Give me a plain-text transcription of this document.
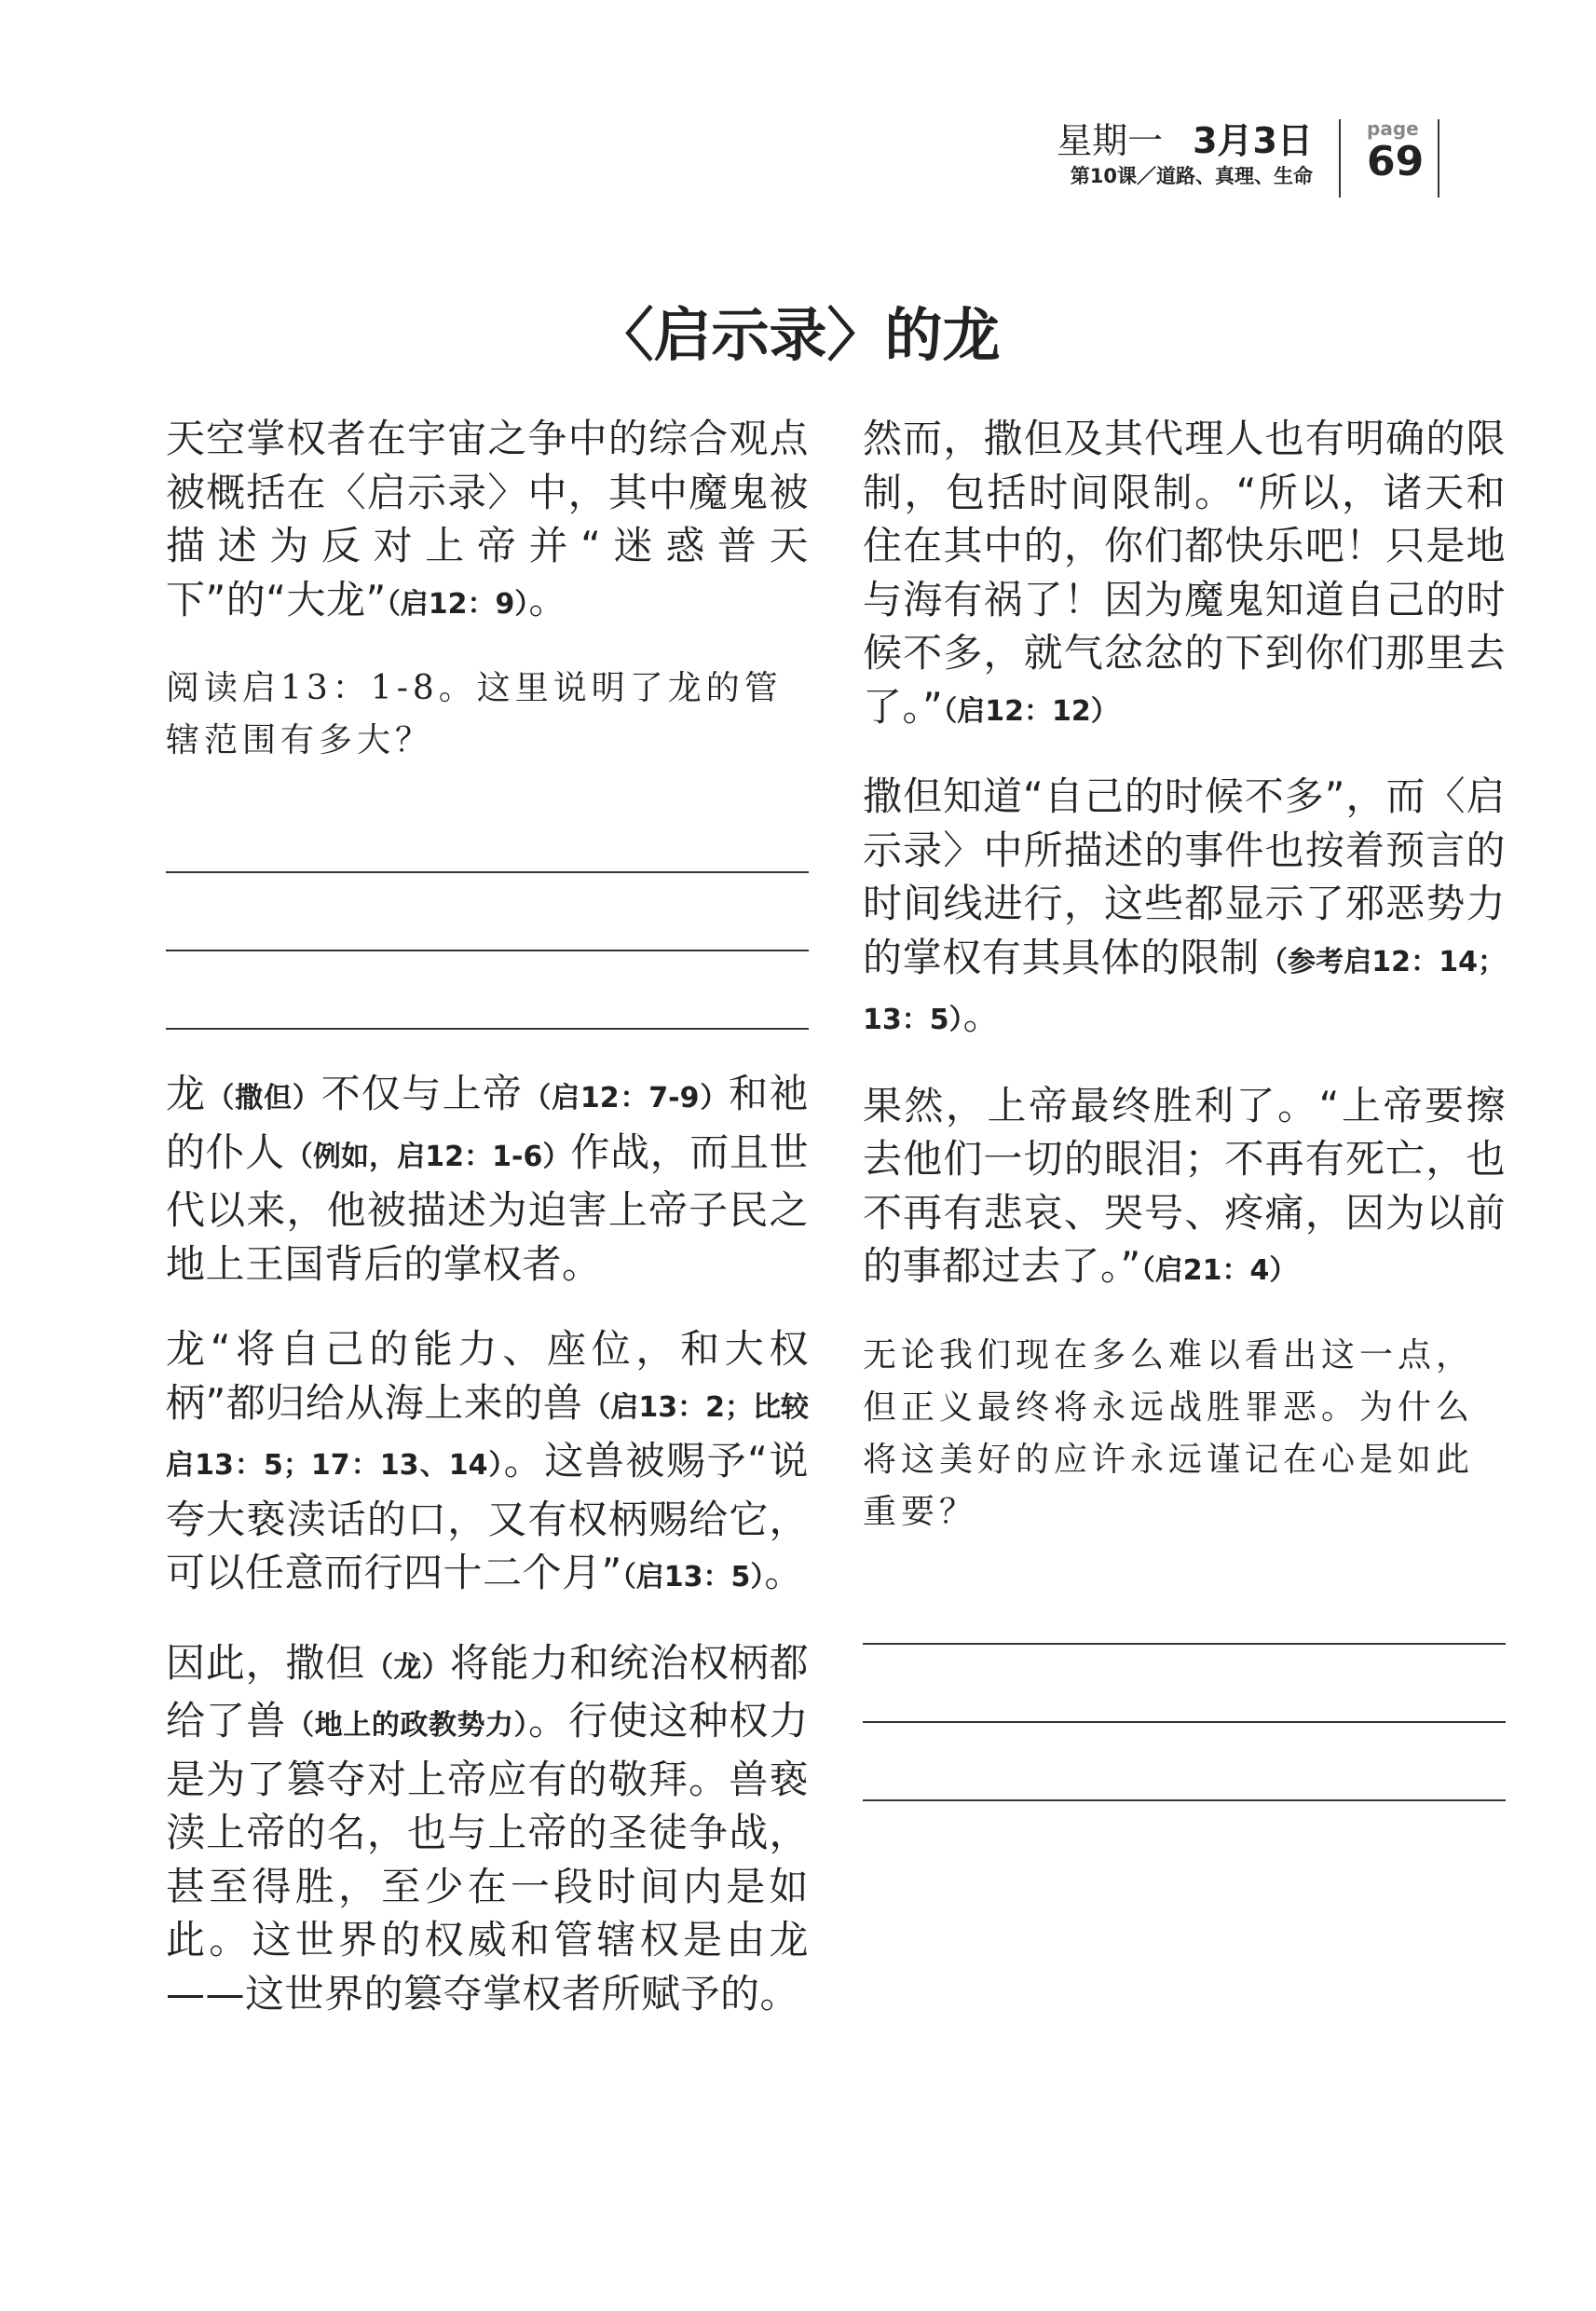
星期一 3月3日
第10课／道路、真理、生命
page
69
〈启示录〉的龙

天空掌权者在宇宙之争中的综合观点被概括在〈启示录〉中，其中魔鬼被描述为反对上帝并“迷惑普天下”的“大龙”（启12：9）。

阅读启13：1-8。这里说明了龙的管辖范围有多大？

龙（撒但）不仅与上帝（启12：7-9）和祂的仆人（例如，启12：1-6）作战，而且世代以来，他被描述为迫害上帝子民之地上王国背后的掌权者。

龙“将自己的能力、座位，和大权柄”都归给从海上来的兽（启13：2；比较启13：5；17：13、14）。这兽被赐予“说夸大亵渎话的口，又有权柄赐给它，可以任意而行四十二个月”（启13：5）。

因此，撒但（龙）将能力和统治权柄都给了兽（地上的政教势力）。行使这种权力是为了篡夺对上帝应有的敬拜。兽亵渎上帝的名，也与上帝的圣徒争战，甚至得胜，至少在一段时间内是如此。这世界的权威和管辖权是由龙——这世界的篡夺掌权者所赋予的。

然而，撒但及其代理人也有明确的限制，包括时间限制。“所以，诸天和住在其中的，你们都快乐吧！只是地与海有祸了！因为魔鬼知道自己的时候不多，就气忿忿的下到你们那里去了。”（启12：12）

撒但知道“自己的时候不多”，而〈启示录〉中所描述的事件也按着预言的时间线进行，这些都显示了邪恶势力的掌权有其具体的限制（参考启12：14；13：5）。

果然，上帝最终胜利了。“上帝要擦去他们一切的眼泪；不再有死亡，也不再有悲哀、哭号、疼痛，因为以前的事都过去了。”（启21：4）

无论我们现在多么难以看出这一点，但正义最终将永远战胜罪恶。为什么将这美好的应许永远谨记在心是如此重要？
